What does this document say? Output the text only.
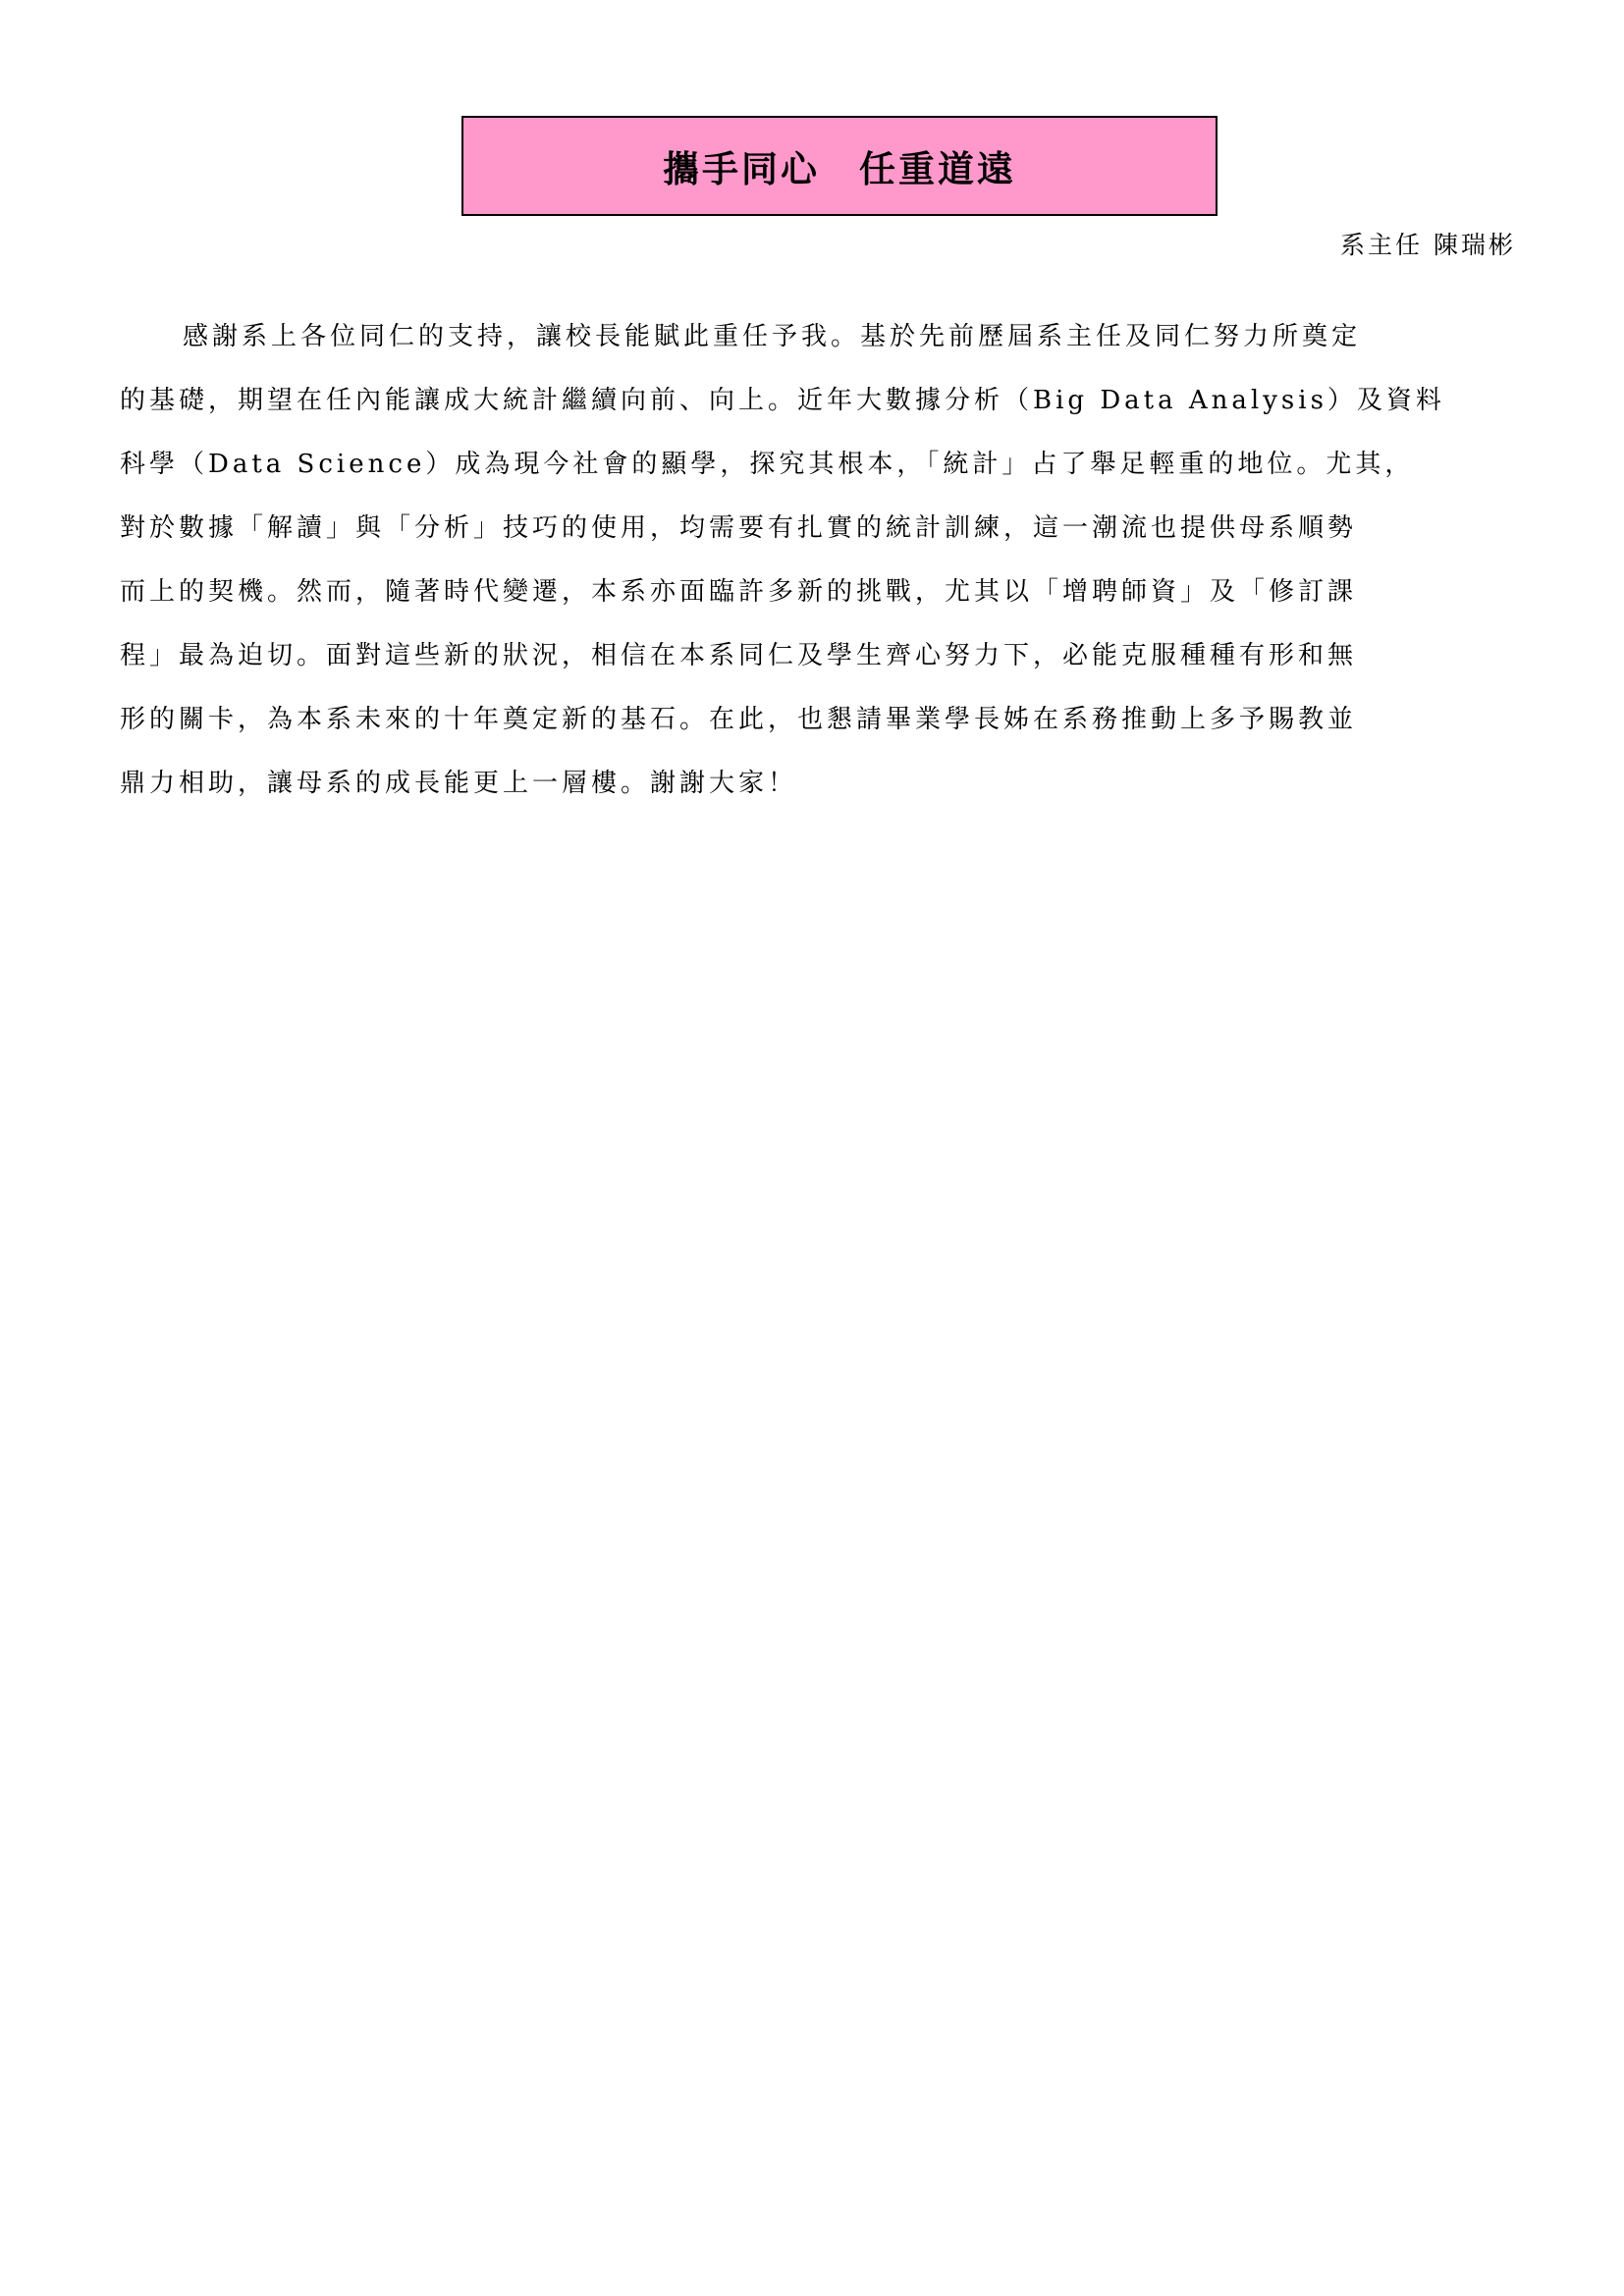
攜手同心　任重道遠
系主任 陳瑞彬
感謝系上各位同仁的支持，讓校長能賦此重任予我。基於先前歷屆系主任及同仁努力所奠定
的基礎，期望在任內能讓成大統計繼續向前、向上。近年大數據分析（Big Data Analysis）及資料
科學（Data Science）成為現今社會的顯學，探究其根本，「統計」占了舉足輕重的地位。尤其，
對於數據「解讀」與「分析」技巧的使用，均需要有扎實的統計訓練，這一潮流也提供母系順勢
而上的契機。然而，隨著時代變遷，本系亦面臨許多新的挑戰，尤其以「增聘師資」及「修訂課
程」最為迫切。面對這些新的狀況，相信在本系同仁及學生齊心努力下，必能克服種種有形和無
形的關卡，為本系未來的十年奠定新的基石。在此，也懇請畢業學長姊在系務推動上多予賜教並
鼎力相助，讓母系的成長能更上一層樓。謝謝大家！
